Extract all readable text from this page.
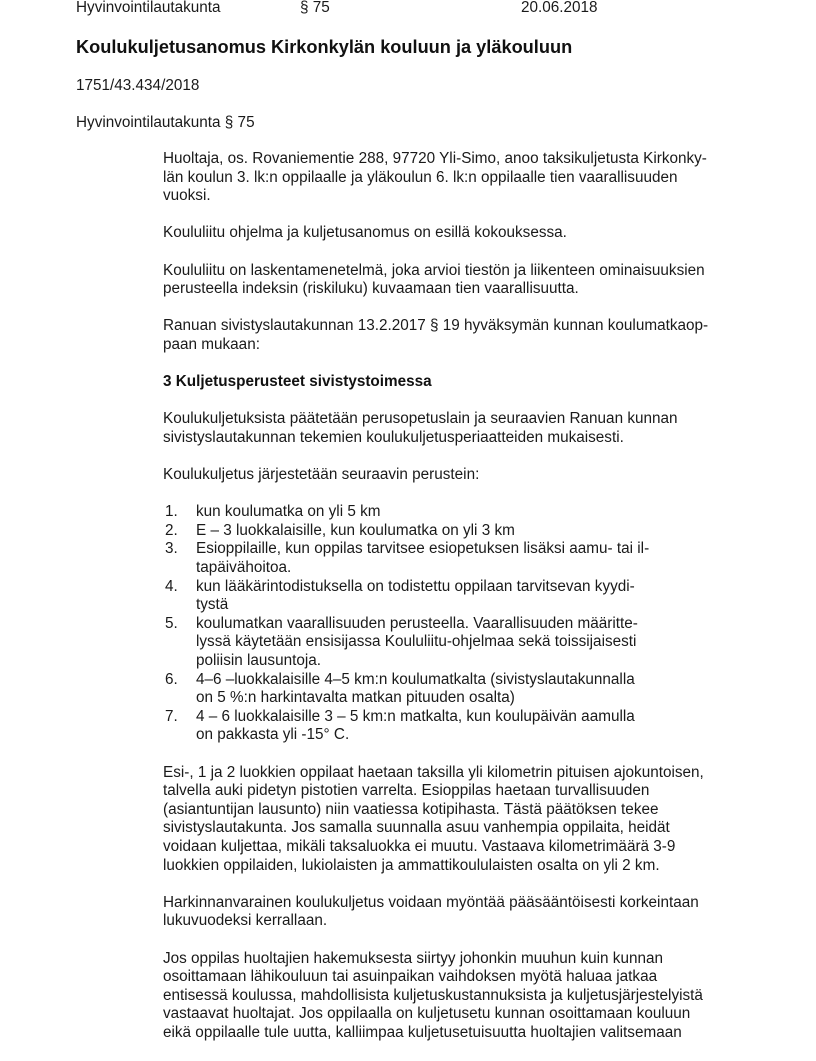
Hyvinvointilautakunta	§ 75	20.06.2018
Koulukuljetusanomus Kirkonkylän kouluun ja yläkouluun
1751/43.434/2018
Hyvinvointilautakunta § 75

Huoltaja, os. Rovaniementie 288, 97720 Yli-Simo, anoo taksikuljetusta Kirkonky-
län koulun 3. lk:n oppilaalle ja yläkoulun 6. lk:n oppilaalle tien vaarallisuuden
vuoksi.

Koululiitu ohjelma ja kuljetusanomus on esillä kokouksessa.

Koululiitu on laskentamenetelmä, joka arvioi tiestön ja liikenteen ominaisuuksien
perusteella indeksin (riskiluku) kuvaamaan tien vaarallisuutta.

Ranuan sivistyslautakunnan 13.2.2017 § 19 hyväksymän kunnan koulumatkaop-
paan mukaan:

3 Kuljetusperusteet sivistystoimessa

Koulukuljetuksista päätetään perusopetuslain ja seuraavien Ranuan kunnan
sivistyslautakunnan tekemien koulukuljetusperiaatteiden mukaisesti.

Koulukuljetus järjestetään seuraavin perustein:

1. kun koulumatka on yli 5 km
2. E – 3 luokkalaisille, kun koulumatka on yli 3 km
3. Esioppilaille, kun oppilas tarvitsee esiopetuksen lisäksi aamu- tai il-
tapäivähoitoa.
4. kun lääkärintodistuksella on todistettu oppilaan tarvitsevan kyydi-
tystä
5. koulumatkan vaarallisuuden perusteella. Vaarallisuuden määritte-
lyssä käytetään ensisijassa Koululiitu-ohjelmaa sekä toissijaisesti
poliisin lausuntoja.
6. 4–6 –luokkalaisille 4–5 km:n koulumatkalta (sivistyslautakunnalla
on 5 %:n harkintavalta matkan pituuden osalta)
7. 4 – 6 luokkalaisille 3 – 5 km:n matkalta, kun koulupäivän aamulla
on pakkasta yli -15° C.

Esi-, 1 ja 2 luokkien oppilaat haetaan taksilla yli kilometrin pituisen ajokuntoisen,
talvella auki pidetyn pistotien varrelta. Esioppilas haetaan turvallisuuden
(asiantuntijan lausunto) niin vaatiessa kotipihasta. Tästä päätöksen tekee
sivistyslautakunta. Jos samalla suunnalla asuu vanhempia oppilaita, heidät
voidaan kuljettaa, mikäli taksaluokka ei muutu. Vastaava kilometrimäärä 3-9
luokkien oppilaiden, lukiolaisten ja ammattikoululaisten osalta on yli 2 km.

Harkinnanvarainen koulukuljetus voidaan myöntää pääsääntöisesti korkeintaan
lukuvuodeksi kerrallaan.

Jos oppilas huoltajien hakemuksesta siirtyy johonkin muuhun kuin kunnan
osoittamaan lähikouluun tai asuinpaikan vaihdoksen myötä haluaa jatkaa
entisessä koulussa, mahdollisista kuljetuskustannuksista ja kuljetusjärjestelyistä
vastaavat huoltajat. Jos oppilaalla on kuljetusetu kunnan osoittamaan kouluun
eikä oppilaalle tule uutta, kalliimpaa kuljetusetuisuutta huoltajien valitsemaan
